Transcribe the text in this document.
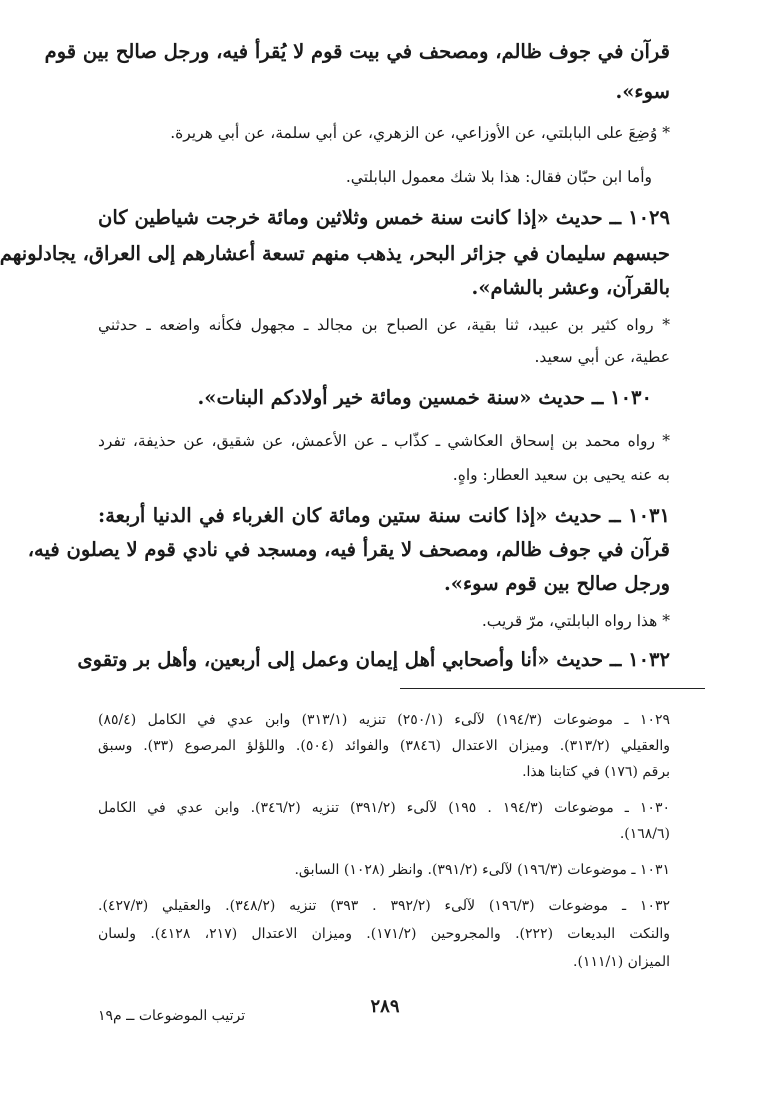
قرآن في جوف ظالم، ومصحف في بيت قوم لا يُقرأ فيه، ورجل صالح بين قوم
سوء».
* وُضِعَ على البابلتي، عن الأوزاعي، عن الزهري، عن أبي سلمة، عن أبي هريرة.
وأما ابن حبّان فقال: هذا بلا شك معمول البابلتي.
١٠٢٩ ــ حديث «إذا كانت سنة خمس وثلاثين ومائة خرجت شياطين كان
حبسهم سليمان في جزائر البحر، يذهب منهم تسعة أعشارهم إلى العراق، يجادلونهم
بالقرآن، وعشر بالشام».
* رواه كثير بن عبيد، ثنا بقية، عن الصباح بن مجالد ـ مجهول فكأنه واضعه ـ حدثني
عطية، عن أبي سعيد.
١٠٣٠ ــ حديث «سنة خمسين ومائة خير أولادكم البنات».
* رواه محمد بن إسحاق العكاشي ـ كذّاب ـ عن الأعمش، عن شقيق، عن حذيفة، تفرد
به عنه يحيى بن سعيد العطار: واهٍ.
١٠٣١ ــ حديث «إذا كانت سنة ستين ومائة كان الغرباء في الدنيا أربعة:
قرآن في جوف ظالم، ومصحف لا يقرأ فيه، ومسجد في نادي قوم لا يصلون فيه،
ورجل صالح بين قوم سوء».
* هذا رواه البابلتي، مرّ قريب.
١٠٣٢ ــ حديث «أنا وأصحابي أهل إيمان وعمل إلى أربعين، وأهل بر وتقوى
١٠٢٩ ـ موضوعات (١٩٤/٣) لآلىء (٢٥٠/١) تنزيه (٣١٣/١) وابن عدي في الكامل (٨٥/٤)
والعقيلي (٣١٣/٢). وميزان الاعتدال (٣٨٤٦) والفوائد (٥٠٤). واللؤلؤ المرصوع (٣٣). وسبق
برقم (١٧٦) في كتابنا هذا.
١٠٣٠ ـ موضوعات (١٩٤/٣ . ١٩٥) لآلىء (٣٩١/٢) تنزيه (٣٤٦/٢). وابن عدي في الكامل
(١٦٨/٦).
١٠٣١ ـ موضوعات (١٩٦/٣) لآلىء (٣٩١/٢). وانظر (١٠٢٨) السابق.
١٠٣٢ ـ موضوعات (١٩٦/٣) لآلىء (٣٩٢/٢ . ٣٩٣) تنزيه (٣٤٨/٢). والعقيلي (٤٢٧/٣).
والنكت البديعات (٢٢٢). والمجروحين (١٧١/٢). وميزان الاعتدال (٢١٧، ٤١٢٨). ولسان
الميزان (١١١/١).
٢٨٩
ترتيب الموضوعات ــ م١٩
